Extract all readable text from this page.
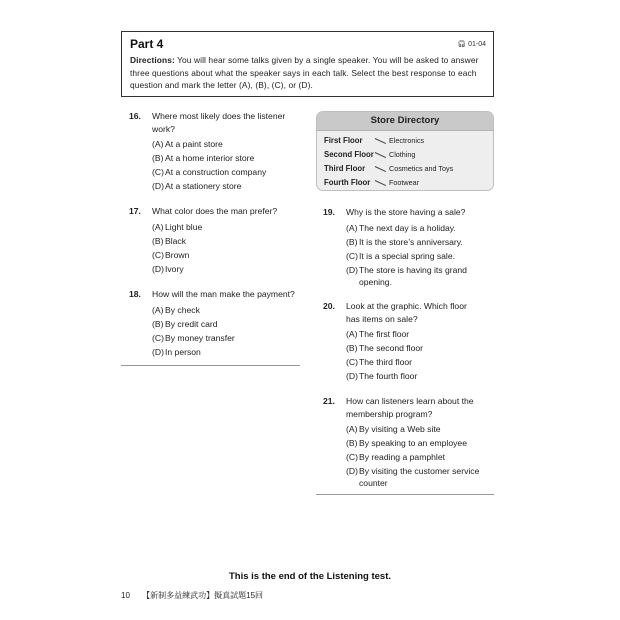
Part 4	🎧︎ 01-04
Directions: You will hear some talks given by a single speaker. You will be asked to answer three questions about what the speaker says in each talk. Select the best response to each question and mark the letter (A), (B), (C), or (D).
16. Where most likely does the listener work?
(A) At a paint store
(B) At a home interior store
(C) At a construction company
(D) At a stationery store
17. What color does the man prefer?
(A) Light blue
(B) Black
(C) Brown
(D) Ivory
18. How will the man make the payment?
(A) By check
(B) By credit card
(C) By money transfer
(D) In person
Store Directory
First Floor	Electronics
Second Floor Clothing
Third Floor	Cosmetics and Toys
Fourth Floor	Footwear
19. Why is the store having a sale?
(A) The next day is a holiday.
(B) It is the store’s anniversary.
(C) It is a special spring sale.
(D) The store is having its grand opening.
20. Look at the graphic. Which floor has items on sale?
(A) The first floor
(B) The second floor
(C) The third floor
(D) The fourth floor
21. How can listeners learn about the membership program?
(A) By visiting a Web site
(B) By speaking to an employee
(C) By reading a pamphlet
(D) By visiting the customer service counter
This is the end of the Listening test.
10 【新制多益練武功】擬真試題15回
